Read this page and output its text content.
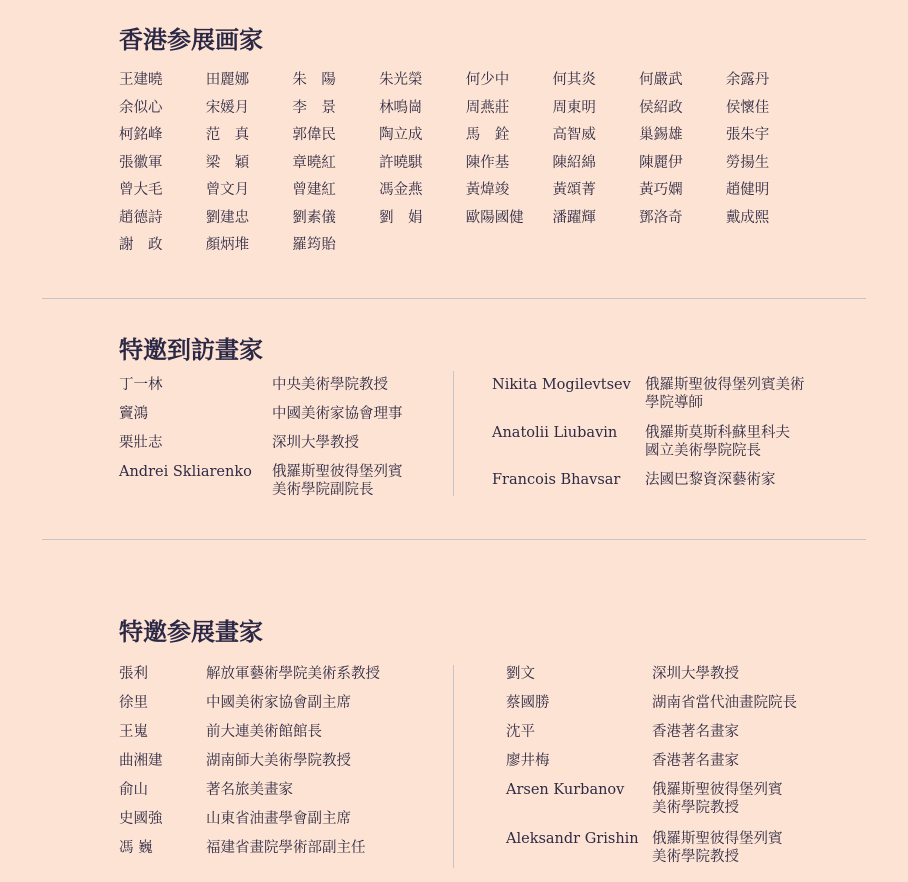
香港参展画家
王建曉	田麗娜	朱　陽	朱光榮	何少中	何其炎	何嚴武	余露丹
余似心	宋媛月	李　景	林鳴崗	周燕莊	周東明	侯紹政	侯懷佳
柯銘峰	范　真	郭偉民	陶立成	馬　銓	高智威	巢錫雄	張朱宇
張徽軍	梁　穎	章曉紅	許曉騏	陳作基	陳紹綿	陳麗伊	勞揚生
曾大毛	曾文月	曾建紅	馮金燕	黃煒竣	黃頌菁	黃巧嫻	趙健明
趙德詩	劉建忠	劉素儀	劉　娟	歐陽國健	潘躍輝	鄧洛奇	戴成熙
謝　政	顏炳堆	羅筠貽
特邀到訪畫家
丁一林	中央美術學院教授
竇鴻	中國美術家協會理事
栗壯志	深圳大學教授
Andrei Skliarenko 俄羅斯聖彼得堡列賓
美術學院副院長
Nikita Mogilevtsev 俄羅斯聖彼得堡列賓美術
學院導師
Anatolii Liubavin 俄羅斯莫斯科蘇里科夫
國立美術學院院長
Francois Bhavsar 法國巴黎資深藝術家
特邀参展畫家
張利	解放軍藝術學院美術系教授
徐里	中國美術家協會副主席
王嵬	前大連美術館館長
曲湘建	湖南師大美術學院教授
俞山	著名旅美畫家
史國強	山東省油畫學會副主席
馮 巍	福建省畫院學術部副主任
劉文	深圳大學教授
蔡國勝	湖南省當代油畫院院長
沈平	香港著名畫家
廖井梅	香港著名畫家
Arsen Kurbanov 俄羅斯聖彼得堡列賓
美術學院教授
Aleksandr Grishin 俄羅斯聖彼得堡列賓
美術學院教授
